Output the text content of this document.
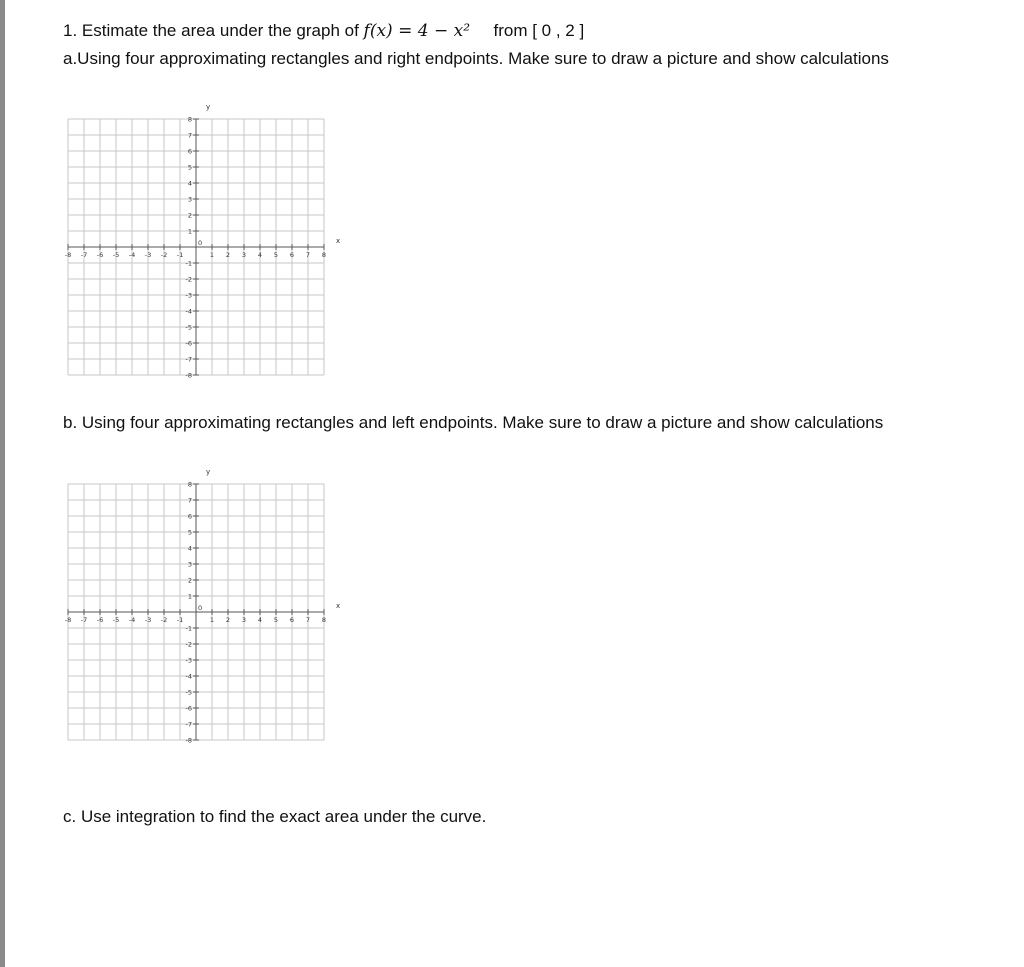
1. Estimate the area under the graph of f(x) = 4 − x² from [ 0 , 2 ]
a.Using four approximating rectangles and right endpoints. Make sure to draw a picture and show calculations
x
y
0
-8 -7 -6 -5 -4 -3 -2 -1	1 2 3 4 5 6 7 8
8
7
6
5
4
3
2
1
-1
-2
-3
-4
-5
-6
-7
-8
b. Using four approximating rectangles and left endpoints. Make sure to draw a picture and show calculations
x
y
0
-8 -7 -6 -5 -4 -3 -2 -1	1 2 3 4 5 6 7 8
8
7
6
5
4
3
2
1
-1
-2
-3
-4
-5
-6
-7
-8
c. Use integration to find the exact area under the curve.
